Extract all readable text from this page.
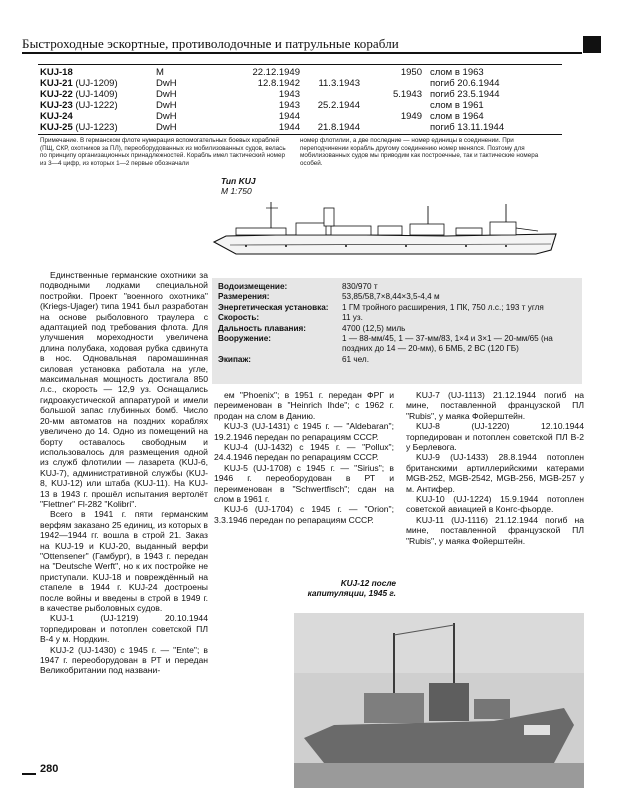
Быстроходные эскортные, противолодочные и патрульные корабли
KUJ-18	M	22.12.1949		1950	слом в 1963
KUJ-21 (UJ-1209)	DwH	12.8.1942	11.3.1943		погиб 20.6.1944
KUJ-22 (UJ-1409)	DwH	1943		5.1943	погиб 23.5.1944
KUJ-23 (UJ-1222)	DwH	1943	25.2.1944		слом в 1961
KUJ-24	DwH	1944		1949	слом в 1964
KUJ-25 (UJ-1223)	DwH	1944	21.8.1944		погиб 13.11.1944
Примечание. В германском флоте нумерация вспомогательных боевых кораблей (ПЩ, СКР, охотников за ПЛ), переоборудованных из мобилизованных судов, велась по принципу организационных принадлежностей. Корабль имел тактический номер из 3—4 цифр, из которых 1—2 первые обозначали
номер флотилии, а две последние — номер единицы в соединении. При переподчинении корабль другому соединению номер менялся. Поэтому для мобилизованных судов мы приводим как построечные, так и тактические номера особей.
Тип KUJ
М 1:750

Единственные германские охотники за подводными лодками специальной постройки. Проект "военного охотника" (Kriegs-Ujager) типа 1941 был разработан на основе рыболовного траулера с адаптацией под требования флота. Для улучшения мореходности увеличена длина полубака, ходовая рубка сдвинута в нос. Одновальная паромашинная силовая установка работала на угле, максимальная мощность достигала 850 л.с., скорость — 12,9 уз. Оснащались гидроакустической аппаратурой и имели большой запас глубинных бомб. Число 20-мм автоматов на поздних кораблях увеличено до 14. Одно из помещений на борту оставалось свободным и использовалось для размещения одной из служб флотилии — лазарета (KUJ-6, KUJ-7), административной службы (KUJ-8, KUJ-12) или штаба (KUJ-11). На KUJ-13 в 1943 г. прошёл испытания вертолёт "Flettner" Fl-282 "Kolibri".

Всего в 1941 г. пяти германским верфям заказано 25 единиц, из которых в 1942—1944 гг. вошла в строй 21. Заказ на KUJ-19 и KUJ-20, выданный верфи "Ottensener" (Гамбург), в 1943 г. передан на "Deutsche Werft", но к их постройке не приступали. KUJ-18 и повреждённый на стапеле в 1944 г. KUJ-24 достроены после войны и введены в строй в 1949 г. в качестве рыболовных судов.

KUJ-1 (UJ-1219) 20.10.1944 торпедирован и потоплен советской ПЛ В-4 у м. Нордкин.

KUJ-2 (UJ-1430) с 1945 г. — "Ente"; в 1947 г. переоборудован в РТ и передан Великобритании под названи-

Водоизмещение:	830/970 т
Размерения:	53,85/58,7×8,44×3,5-4,4 м
Энергетическая установка:	1 ГМ тройного расширения, 1 ПК, 750 л.с.; 193 т угля
Скорость:	11 уз.
Дальность плавания:	4700 (12,5) миль
Вооружение:	1 — 88-мм/45, 1 — 37-мм/83, 1×4 и 3×1 — 20-мм/65 (на поздних до 14 — 20-мм), 6 БМБ, 2 ВС (120 ГБ)
Экипаж:	61 чел.

ем "Phoenix"; в 1951 г. передан ФРГ и переименован в "Heinrich Ihde"; с 1962 г. продан на слом в Данию.

KUJ-3 (UJ-1431) с 1945 г. — "Aldebaran"; 19.2.1946 передан по репарациям СССР.

KUJ-4 (UJ-1432) с 1945 г. — "Pollux"; 24.4.1946 передан по репарациям СССР.

KUJ-5 (UJ-1708) с 1945 г. — "Sirius"; в 1946 г. переоборудован в РТ и переименован в "Schwertfisch"; сдан на слом в 1961 г.

KUJ-6 (UJ-1704) с 1945 г. — "Orion"; 3.3.1946 передан по репарациям СССР.

KUJ-7 (UJ-1113) 21.12.1944 погиб на мине, поставленной французской ПЛ "Rubis", у маяка Фойерштейн.

KUJ-8 (UJ-1220) 12.10.1944 торпедирован и потоплен советской ПЛ В-2 у Берлевога.

KUJ-9 (UJ-1433) 28.8.1944 потоплен британскими артиллерийскими катерами MGB-252, MGB-2542, MGB-256, MGB-257 у м. Антифер.

KUJ-10 (UJ-1224) 15.9.1944 потоплен советской авиацией в Конгс-фьорде.

KUJ-11 (UJ-1116) 21.12.1944 погиб на мине, поставленной французской ПЛ "Rubis", у маяка Фойерштейн.

KUJ-12 после капитуляции, 1945 г.
280
